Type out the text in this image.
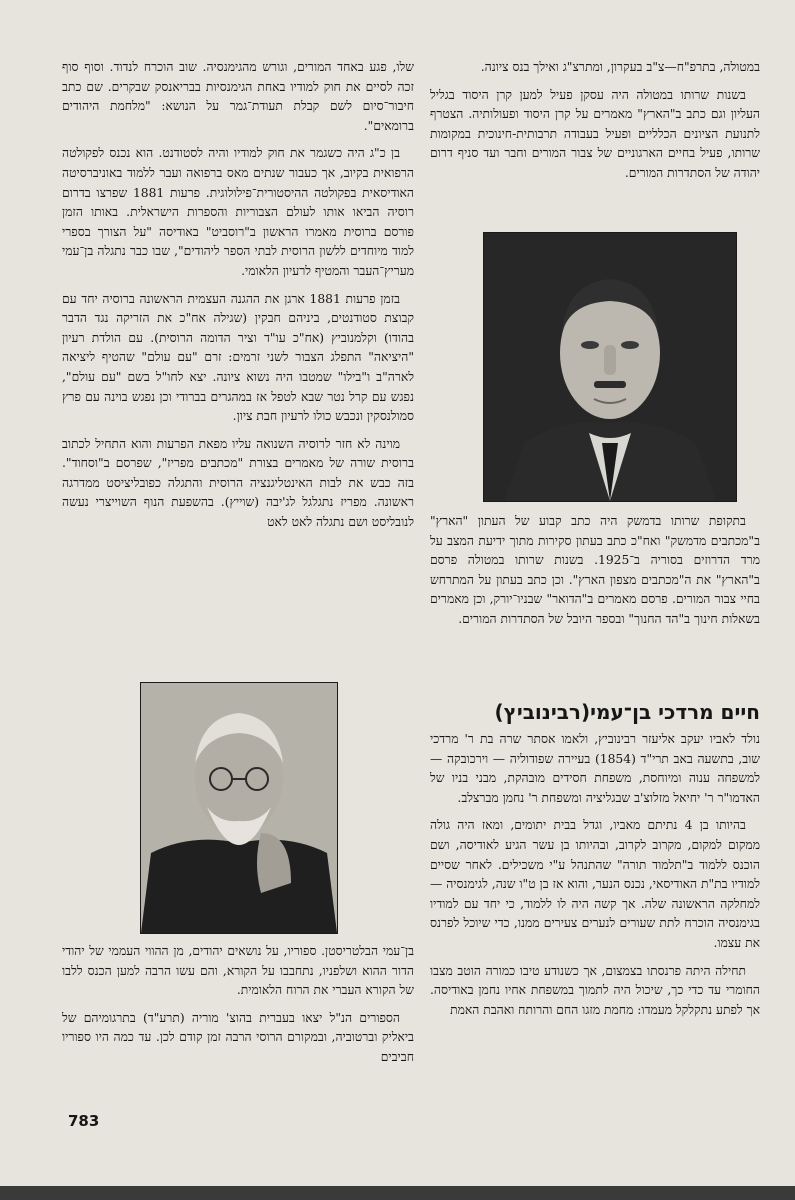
במטולה, בתרפ"ח—צ"ב בעקרון, ומתרצ"ג ואילך בנס ציונה.

בשנות שרותו במטולה היה עסקן פעיל למען קרן היסוד בגליל העליון וגם כתב ב"הארץ" מאמרים על קרן היסוד ופעולותיה. הצטרף לתנועת הציונים הכלליים ופעיל בעבודה תרבותית-חינוכית במקומות שרותו, פעיל בחיים הארגוניים של צבור המורים וחבר ועד סניף דרום יהודה של הסתדרות המורים.

בתקופת שרותו בדמשק היה כתב קבוע של העתון "הארץ" ב"מכתבים מדמשק" ואח"כ כתב בעתון סקירות מתוך ידיעת המצב על מרד הדרוזים בסוריה ב־1925. בשנות שרותו במטולה פרסם ב"הארץ" את ה"מכתבים מצפון הארץ". וכן כתב בעתון על המתרחש בחיי צבור המורים. פרסם מאמרים ב"הדואר" שבניו־יורק, וכן מאמרים בשאלות חינוך ב"הד החנוך" ובספר היובל של הסתדרות המורים.

חיים מרדכי בן־עמי(רבינוביץ)

נולד לאביו יעקב אליעזר רבינוביץ, ולאמו אסתר שרה בת ר' מרדכי שוב, בתשעה באב תרי"ד (1854) בעיירה שפודוליה — וירכובקה — למשפחה ענוה ומיוחסת, משפחת חסידים מובהקת, מבני בניו של האדמו"ר ר' יחיאל מזלוצ'ב שבגליציה ומשפחת ר' נחמן מברצלב.

בהיותו בן 4 נתיתם מאביו, וגדל בבית יתומים, ומאז היה גולה ממקום למקום, מקרוב לקרוב, ובהיותו בן עשר הגיע לאודיסה, ושם הוכנס ללמוד ב"תלמוד תורה" שהתנהל ע"י משכילים. לאחר שסיים למודיו בת"ת האודיסאי, נכנס הנער, והוא אז בן ט"ו שנה, לגימנסיה — למחלקה הראשונה שלה. אך קשה היה לו ללמוד, כי יחד עם למודיו בגימנסיה הוכרח לתת שעורים לנערים צעירים ממנו, כדי שיוכל לפרנס את עצמו.

תחילה היתה פרנסתו בצמצום, אך כשנודע טיבו כמורה הוטב מצבו החומרי עד כדי כך, שיכול היה לתמוך במשפחת אחיו נחמן באודיסה. אך לפתע נתקלקל מעמדו: מחמת מזגו החם והרותח ואהבת האמת

שלו, פגע באחד המורים, וגורש מהגימנסיה. שוב הוכרח לנדוד. וסוף סוף זכה לסיים את חוק למודיו באחת הגימנסיות בבריאנסק שבקרים. שם כתב חיבור־סיום לשם קבלת תעודת־גמר על הנושא: "מלחמת היהודים ברומאים".

בן כ"ג היה כשגמר את חוק למודיו והיה לסטודנט. הוא נכנס לפקולטה הרפואית בקיוב, אך כעבור שנתים מאס ברפואה ועבר ללמוד באוניברסיטה האודיסאית בפקולטה ההיסטורית־פילולוגית. פרעות 1881 שפרצו בדרום רוסיה הביאו אותו לעולם הצבוריות והספרות הישראלית. באותו הזמן פורסם ברוסית מאמרו הראשון ב"רוסביט" באודיסה "על הצורך בספרי למוד מיוחדים ללשון הרוסית לבתי הספר ליהודים", שבו כבר נתגלה בן־עמי מעריץ־העבר והמטיף לרעיון הלאומי.

בזמן פרעות 1881 ארגן את ההגנה העצמית הראשונה ברוסיה יחד עם קבוצת סטודנטים, ביניהם חבקין (שגילה אח"כ את הזריקה נגד הדבר בהודו) וקלמנוביץ (אח"כ עו"ד וציר הדומה הרוסית). עם הולדת רעיון "היציאה" התפלג הצבור לשני זרמים: זרם "עם עולם" שהטיף ליציאה לארה"ב ו"בילו" שמטבו היה נשוא ציונה. יצא לחו"ל בשם "עם עולם", נפגש עם קרל נטר שבא לטפל אז במהגרים בברודי וכן נפגש בוינה עם פרץ סמולנסקין ונכבש כולו לרעיון חבת ציון.

מוינה לא חזר לרוסיה השנואה עליו מפאת הפרעות והוא התחיל לכתוב ברוסית שורה של מאמרים בצורת "מכתבים מפריז", שפרסם ב"וסחוד". בזה כבש את לבות האינטליגנציה הרוסית והתגלה כפובליציסט ממדרגה ראשונה. מפריז נתגלגל לג'יבה (שוייץ). בהשפעת הנוף השוייצרי נעשה לנובליסט ושם נתגלה לאט לאט

בן־עמי הבלטריסטן. ספוריו, על נושאים יהודים, מן ההווי העממי של יהודי הדור ההוא ושלפניו, נתחבבו על הקורא, והם עשו הרבה למען הכנס ללבו של הקורא העברי את הרוח הלאומית.

הספורים הנ"ל יצאו בעברית בהוצ' מוריה (תרע"ד) בתרגומיהם של ביאליק וברטוביה, ובמקורם הרוסי הרבה זמן קודם לכן. עד כמה היו ספוריו חביבים

783
